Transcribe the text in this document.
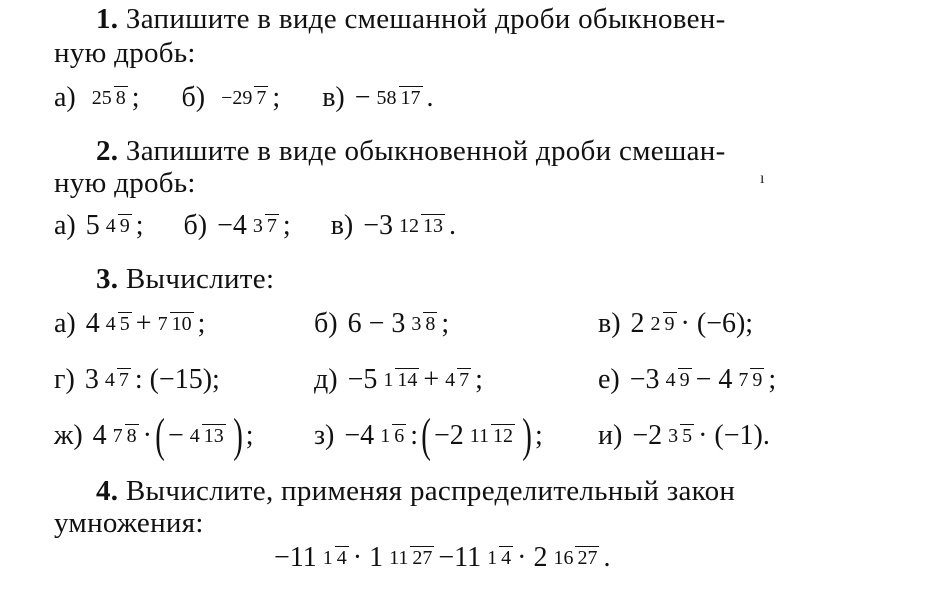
1. Запишите в виде смешанной дроби обыкновен-
ную дробь:
а) 25 8 ; б) −29 7 ; в) − 58 17 .
2. Запишите в виде обыкновенной дроби смешан-
ную дробь:	ı
а) 5 4 9 ; б) −4 3 7 ; в) −3 12 13 .
3. Вычислите:
а) 4 4 5 + 7 10 ;	б) 6 − 3 3 8 ;	в) 2 2 9 · (−6);
г) 3 4 7 : (−15);	д) −5 1 14 + 4 7 ;	е) −3 4 9 − 4 7 9 ;
ж) 4 7 8 · ( − 4 13 ) ; з) −4 1 6 : ( −2 11 12 ) ; и) −2 3 5 · (−1).
4. Вычислите, применяя распределительный закон
умножения:
−11 1 4 ·
1 11 27 − 11 1 4 ·
2 16 27 .
